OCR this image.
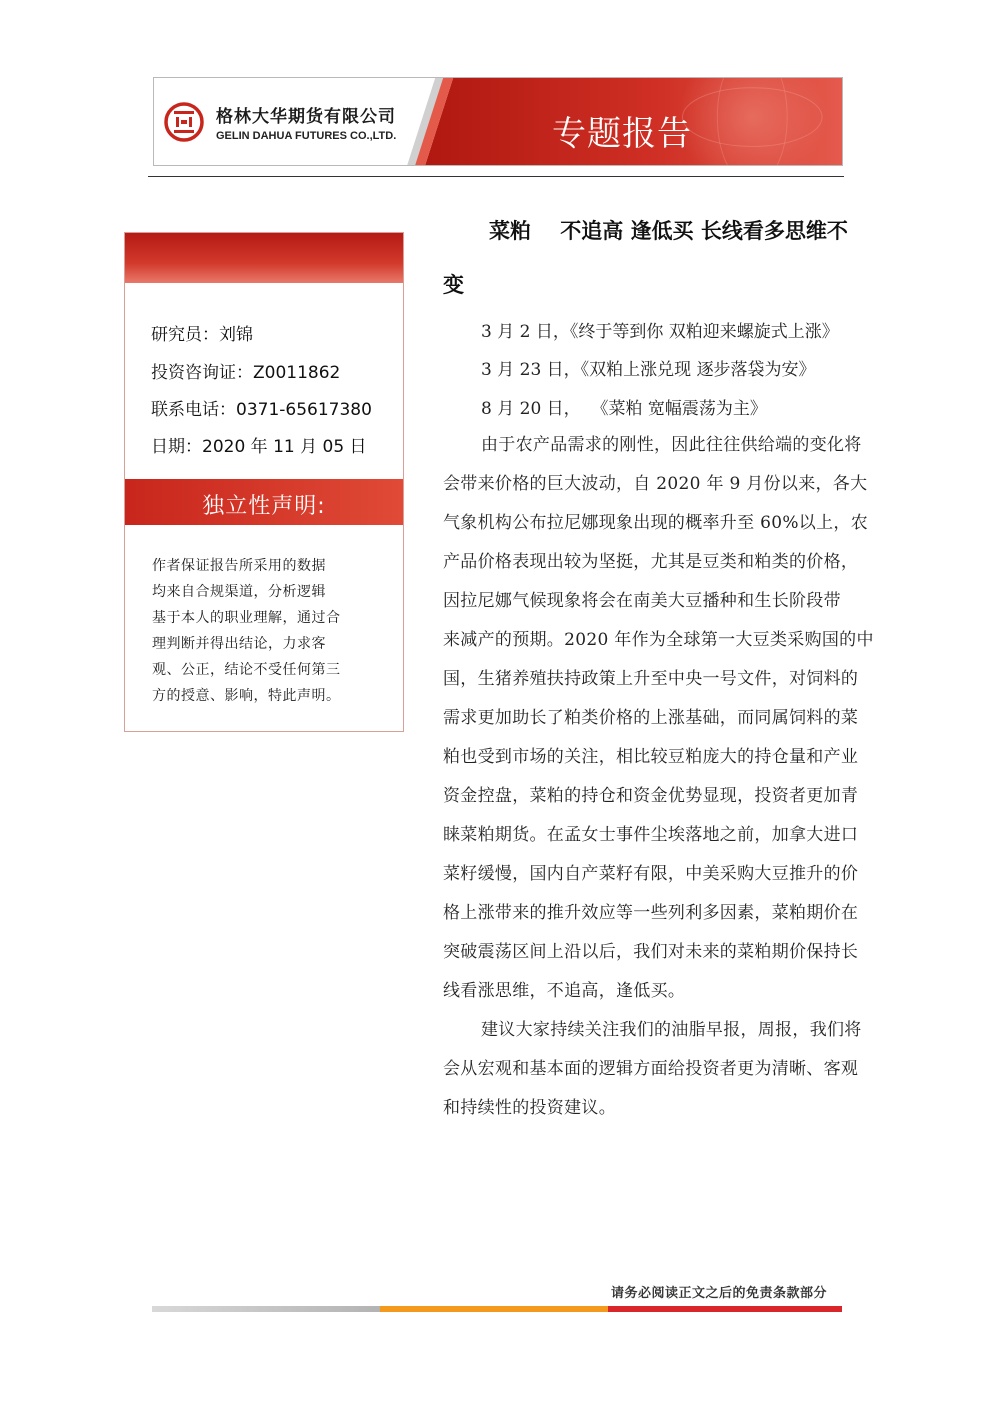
格林大华期货有限公司
GELIN DAHUA FUTURES CO.,LTD.	专题报告
研究员：刘锦
投资咨询证：Z0011862
联系电话：0371-65617380
日期：2020 年 11 月 05 日
独立性声明:
作者保证报告所采用的数据
均来自合规渠道，分析逻辑
基于本人的职业理解，通过合
理判断并得出结论，力求客
观、公正，结论不受任何第三
方的授意、影响，特此声明。
菜粕    不追高 逢低买 长线看多思维不
变
3 月 2 日，《终于等到你 双粕迎来螺旋式上涨》
3 月 23 日，《双粕上涨兑现 逐步落袋为安》
8 月 20 日，  《菜粕 宽幅震荡为主》
由于农产品需求的刚性，因此往往供给端的变化将
会带来价格的巨大波动，自 2020 年 9 月份以来，各大
气象机构公布拉尼娜现象出现的概率升至 60%以上，农
产品价格表现出较为坚挺，尤其是豆类和粕类的价格，
因拉尼娜气候现象将会在南美大豆播种和生长阶段带
来减产的预期。2020 年作为全球第一大豆类采购国的中
国，生猪养殖扶持政策上升至中央一号文件，对饲料的
需求更加助长了粕类价格的上涨基础，而同属饲料的菜
粕也受到市场的关注，相比较豆粕庞大的持仓量和产业
资金控盘，菜粕的持仓和资金优势显现，投资者更加青
睐菜粕期货。在孟女士事件尘埃落地之前，加拿大进口
菜籽缓慢，国内自产菜籽有限，中美采购大豆推升的价
格上涨带来的推升效应等一些列利多因素，菜粕期价在
突破震荡区间上沿以后，我们对未来的菜粕期价保持长
线看涨思维，不追高，逢低买。
建议大家持续关注我们的油脂早报，周报，我们将
会从宏观和基本面的逻辑方面给投资者更为清晰、客观
和持续性的投资建议。
请务必阅读正文之后的免责条款部分
